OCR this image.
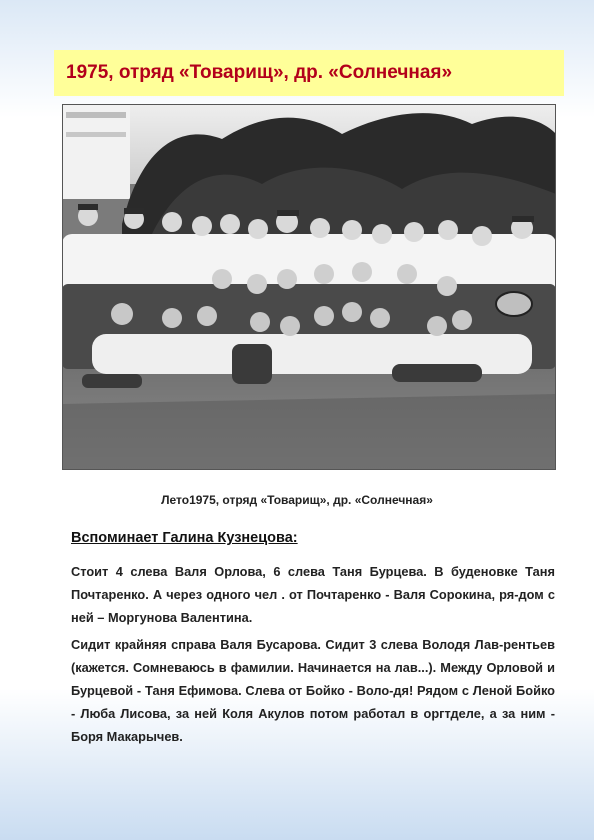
1975, отряд «Товарищ», др. «Солнечная»
Лето1975, отряд «Товарищ», др. «Солнечная»
Вспоминает Галина Кузнецова:

Стоит 4 слева Валя Орлова, 6 слева Таня Бурцева. В буденовке Таня Почтаренко. А через одного чел . от Почтаренко - Валя Сорокина, ря-дом с ней – Моргунова Валентина.

Сидит крайняя справа Валя Бусарова. Сидит 3 слева Володя Лав-рентьев (кажется. Сомневаюсь в фамилии. Начинается на лав...). Между Орловой и Бурцевой - Таня Ефимова. Слева от Бойко - Воло-дя! Рядом с Леной Бойко - Люба Лисова, за ней Коля Акулов потом работал в оргтделе, а за ним - Боря Макарычев.
